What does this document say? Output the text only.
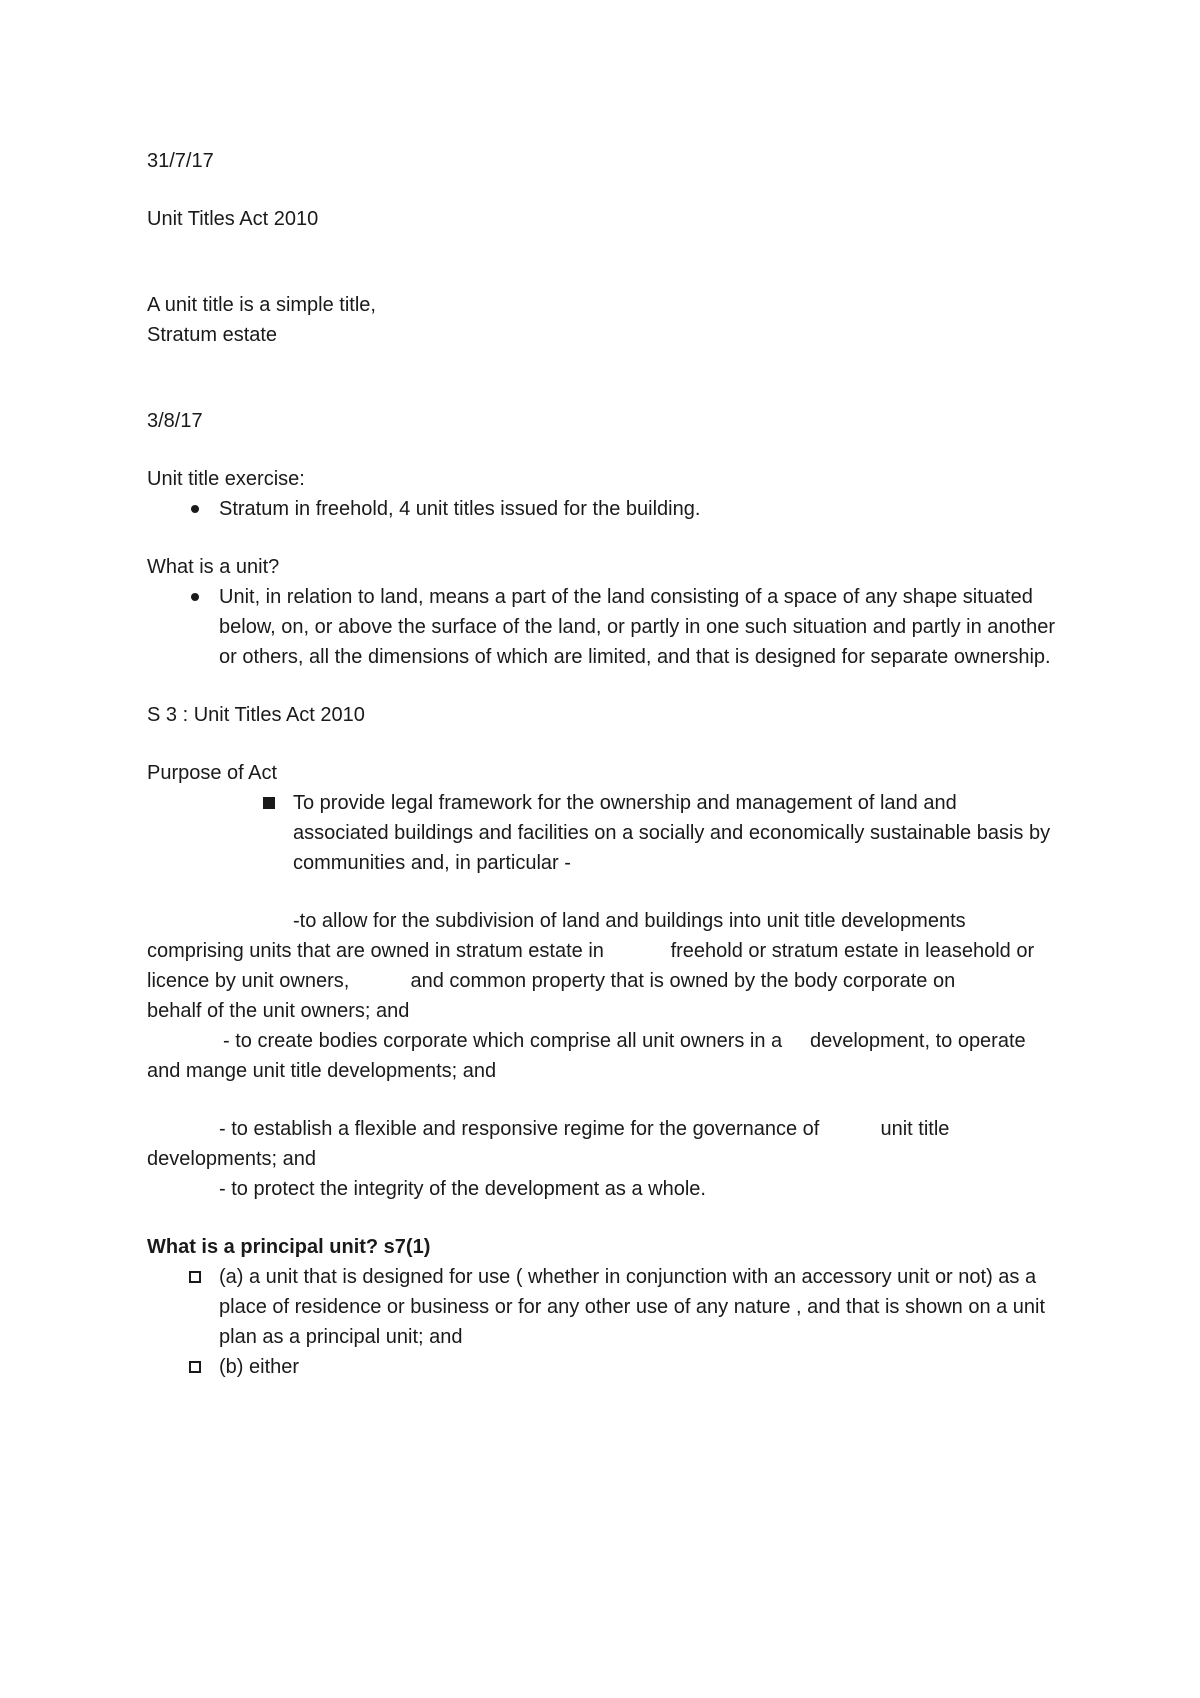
31/7/17

Unit Titles Act 2010

A unit title is a simple title,

Stratum estate

3/8/17

Unit title exercise:

Stratum in freehold, 4 unit titles issued for the building.

What is a unit?

Unit, in relation to land, means a part of the land consisting of a space of any shape situated below, on, or above the surface of the land, or partly in one such situation and partly in another or others, all the dimensions of which are limited, and that is designed for separate ownership.

S 3 : Unit Titles Act 2010

Purpose of Act

To provide legal framework for the ownership and management of land and associated buildings and facilities on a socially and economically sustainable basis by communities and, in particular -

-to allow for the subdivision of land and buildings into unit title developments comprising units that are owned in stratum estate in            freehold or stratum estate in leasehold or licence by unit owners,           and common property that is owned by the body corporate on          behalf of the unit owners; and

- to create bodies corporate which comprise all unit owners in a     development, to operate  and mange unit title developments; and

- to establish a flexible and responsive regime for the governance of           unit title developments; and

- to protect the integrity of the development as a whole.

What is a principal unit? s7(1)

(a) a unit that is designed for use ( whether in conjunction with an accessory unit or not) as a place of residence or business or for any other use of any nature , and that is shown on a unit plan as a principal unit; and
(b) either
